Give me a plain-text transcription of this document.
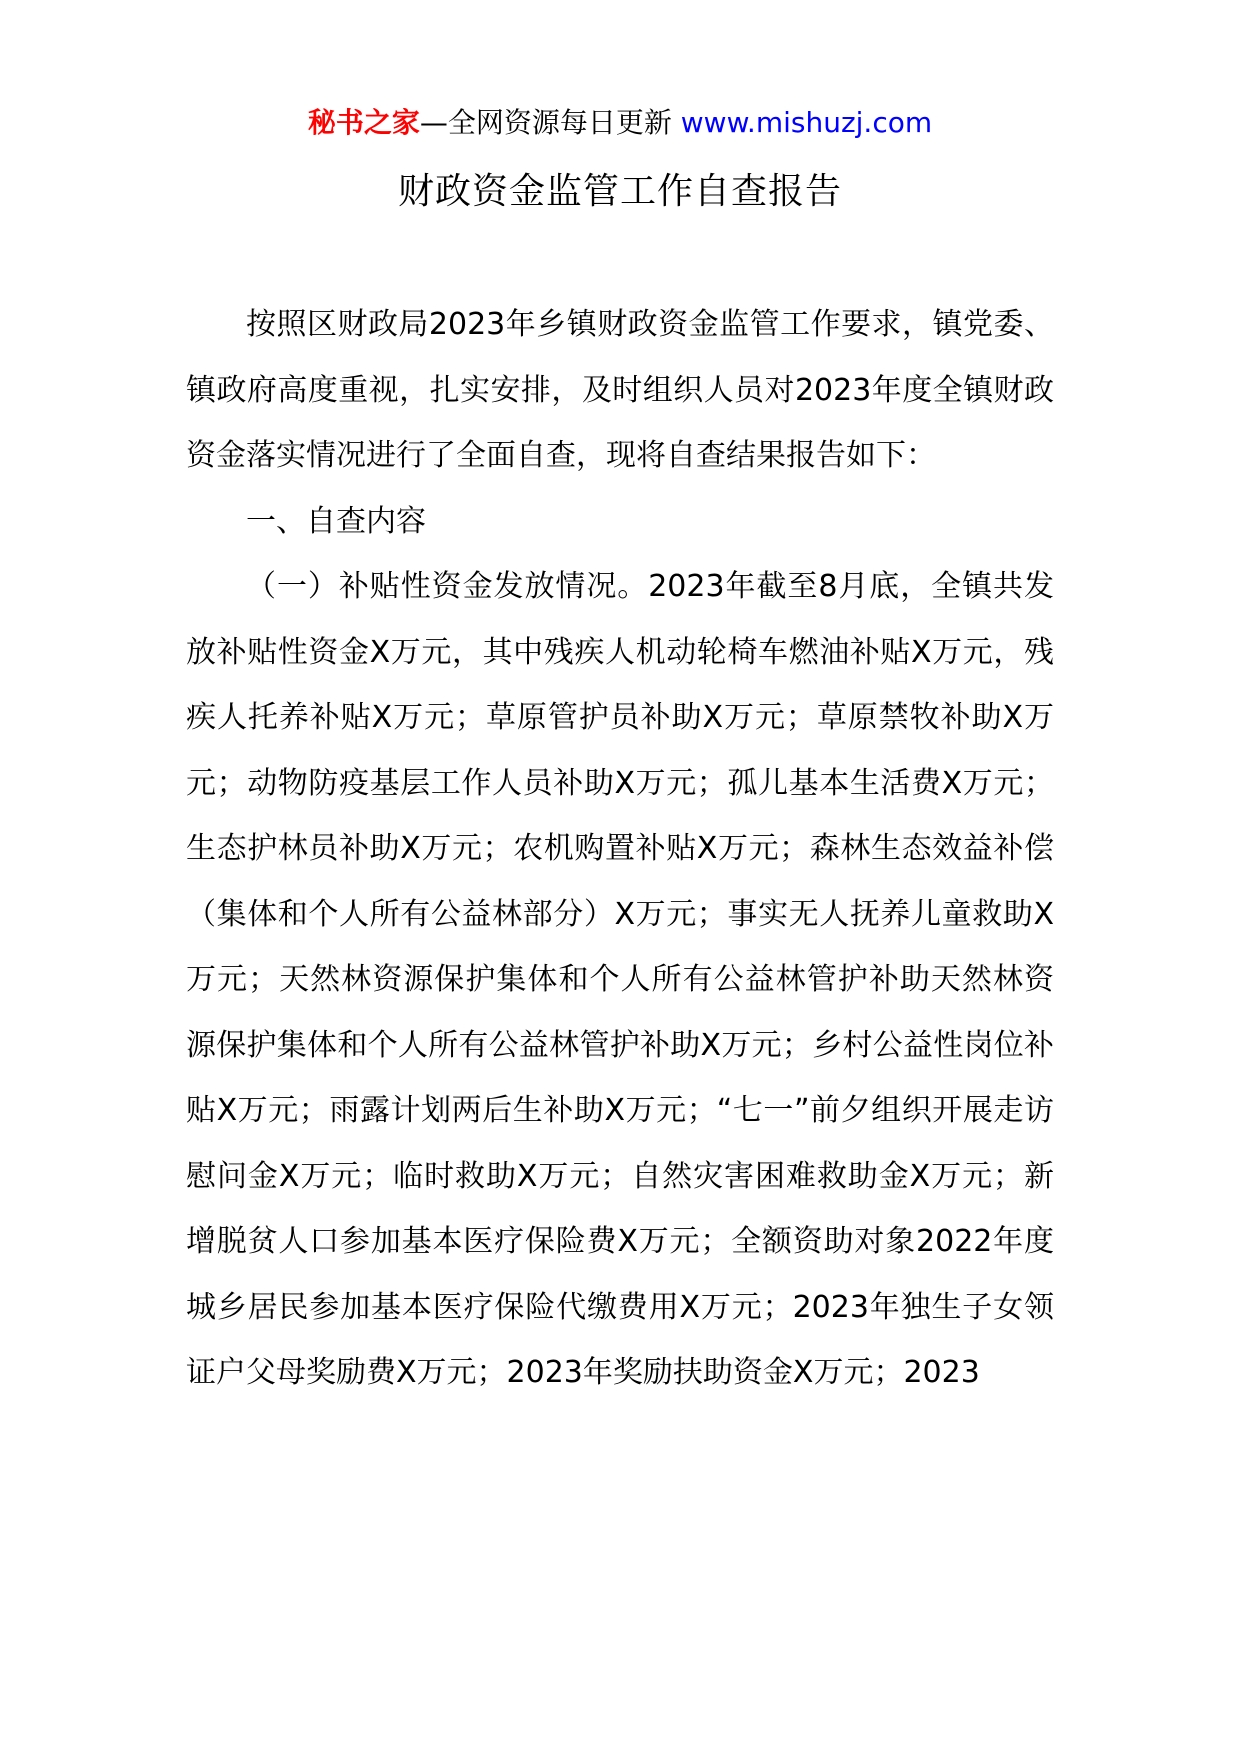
秘书之家—全网资源每日更新 www.mishuzj.com
财政资金监管工作自查报告

按照区财政局2023年乡镇财政资金监管工作要求，镇党委、镇政府高度重视，扎实安排，及时组织人员对2023年度全镇财政资金落实情况进行了全面自查，现将自查结果报告如下：

一、自查内容

（一）补贴性资金发放情况。2023年截至8月底，全镇共发放补贴性资金X万元，其中残疾人机动轮椅车燃油补贴X万元，残疾人托养补贴X万元；草原管护员补助X万元；草原禁牧补助X万元；动物防疫基层工作人员补助X万元；孤儿基本生活费X万元；生态护林员补助X万元；农机购置补贴X万元；森林生态效益补偿（集体和个人所有公益林部分）X万元；事实无人抚养儿童救助X万元；天然林资源保护集体和个人所有公益林管护补助天然林资源保护集体和个人所有公益林管护补助X万元；乡村公益性岗位补贴X万元；雨露计划两后生补助X万元；“七一”前夕组织开展走访慰问金X万元；临时救助X万元；自然灾害困难救助金X万元；新增脱贫人口参加基本医疗保险费X万元；全额资助对象2022年度城乡居民参加基本医疗保险代缴费用X万元；2023年独生子女领证户父母奖励费X万元；2023年奖励扶助资金X万元；2023
